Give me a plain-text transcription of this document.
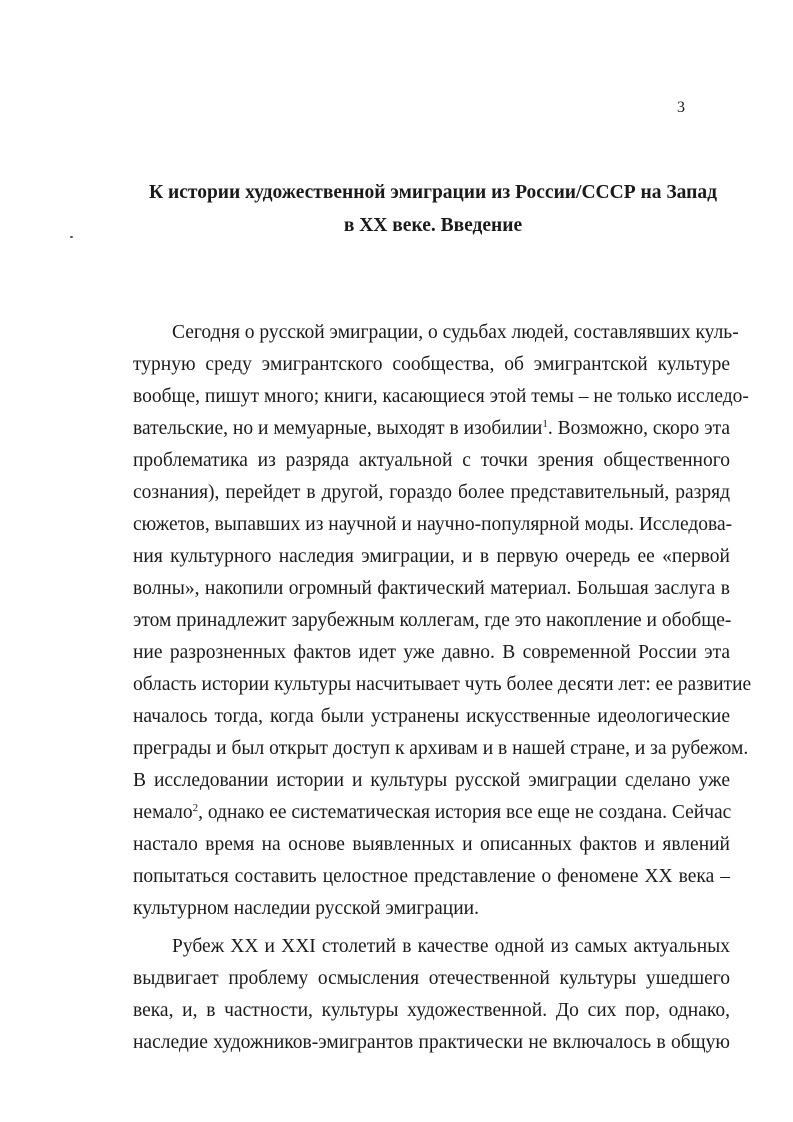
3
К истории художественной эмиграции из России/СССР на Запад
в XX веке. Введение
Сегодня о русской эмиграции, о судьбах людей, составлявших куль-
турную среду эмигрантского сообщества, об эмигрантской культуре
вообще, пишут много; книги, касающиеся этой темы – не только исследо-
вательские, но и мемуарные, выходят в изобилии$^1$. Возможно, скоро эта
проблематика из разряда актуальной с точки зрения общественного
сознания), перейдет в другой, гораздо более представительный, разряд
сюжетов, выпавших из научной и научно-популярной моды. Исследова-
ния культурного наследия эмиграции, и в первую очередь ее «первой
волны», накопили огромный фактический материал. Большая заслуга в
этом принадлежит зарубежным коллегам, где это накопление и обобще-
ние разрозненных фактов идет уже давно. В современной России эта
область истории культуры насчитывает чуть более десяти лет: ее развитие
началось тогда, когда были устранены искусственные идеологические
преграды и был открыт доступ к архивам и в нашей стране, и за рубежом.
В исследовании истории и культуры русской эмиграции сделано уже
немало$^2$, однако ее систематическая история все еще не создана. Сейчас
настало время на основе выявленных и описанных фактов и явлений
попытаться составить целостное представление о феномене XX века –
культурном наследии русской эмиграции.
Рубеж XX и XXI столетий в качестве одной из самых актуальных
выдвигает проблему осмысления отечественной культуры ушедшего
века, и, в частности, культуры художественной. До сих пор, однако,
наследие художников-эмигрантов практически не включалось в общую
